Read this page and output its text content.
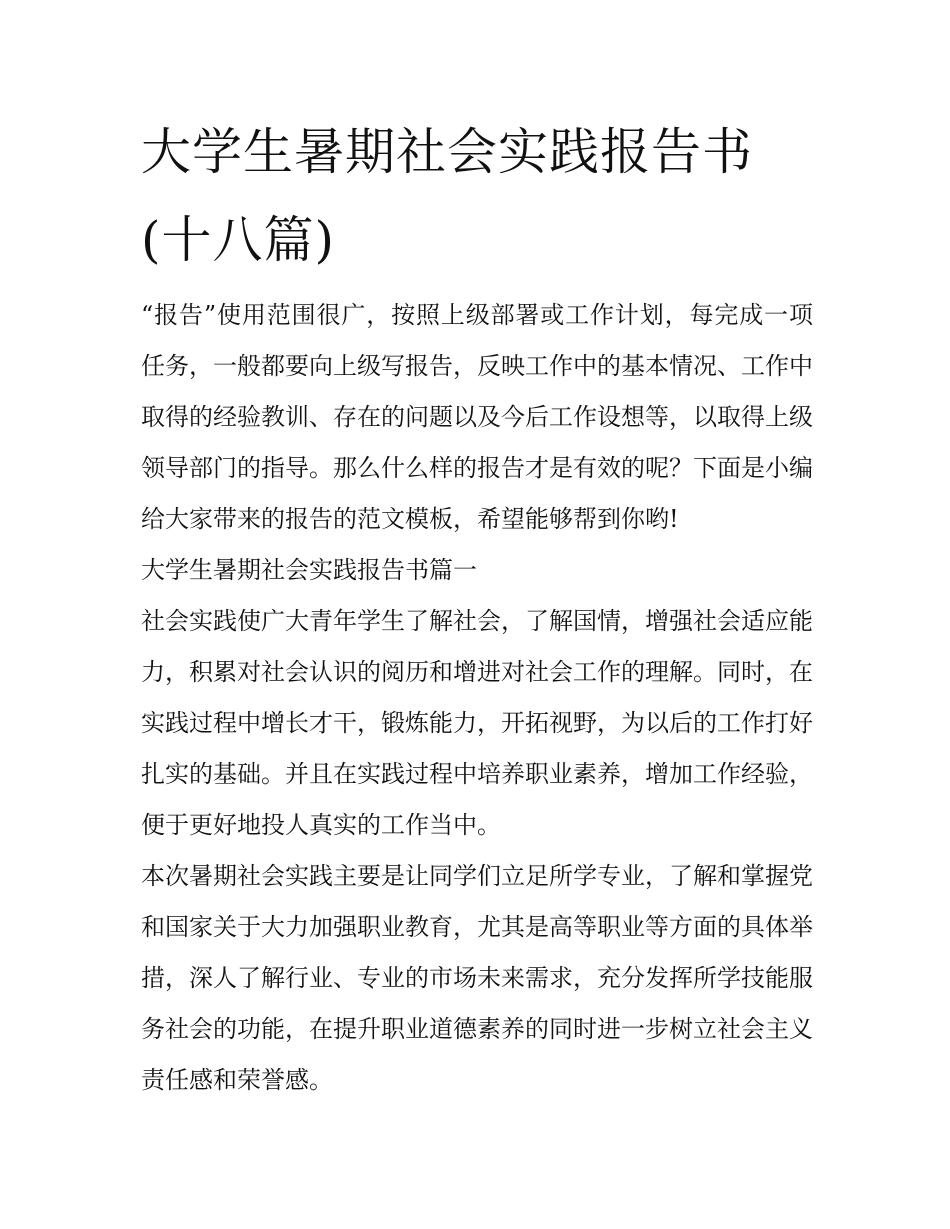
大学生暑期社会实践报告书(十八篇)

“报告”使用范围很广，按照上级部署或工作计划，每完成一项任务，一般都要向上级写报告，反映工作中的基本情况、工作中取得的经验教训、存在的问题以及今后工作设想等，以取得上级领导部门的指导。那么什么样的报告才是有效的呢？下面是小编给大家带来的报告的范文模板，希望能够帮到你哟!

大学生暑期社会实践报告书篇一

社会实践使广大青年学生了解社会，了解国情，增强社会适应能力，积累对社会认识的阅历和增进对社会工作的理解。同时，在实践过程中增长才干，锻炼能力，开拓视野，为以后的工作打好扎实的基础。并且在实践过程中培养职业素养，增加工作经验，便于更好地投人真实的工作当中。

本次暑期社会实践主要是让同学们立足所学专业，了解和掌握党和国家关于大力加强职业教育，尤其是高等职业等方面的具体举措，深人了解行业、专业的市场未来需求，充分发挥所学技能服务社会的功能，在提升职业道德素养的同时进一步树立社会主义责任感和荣誉感。
